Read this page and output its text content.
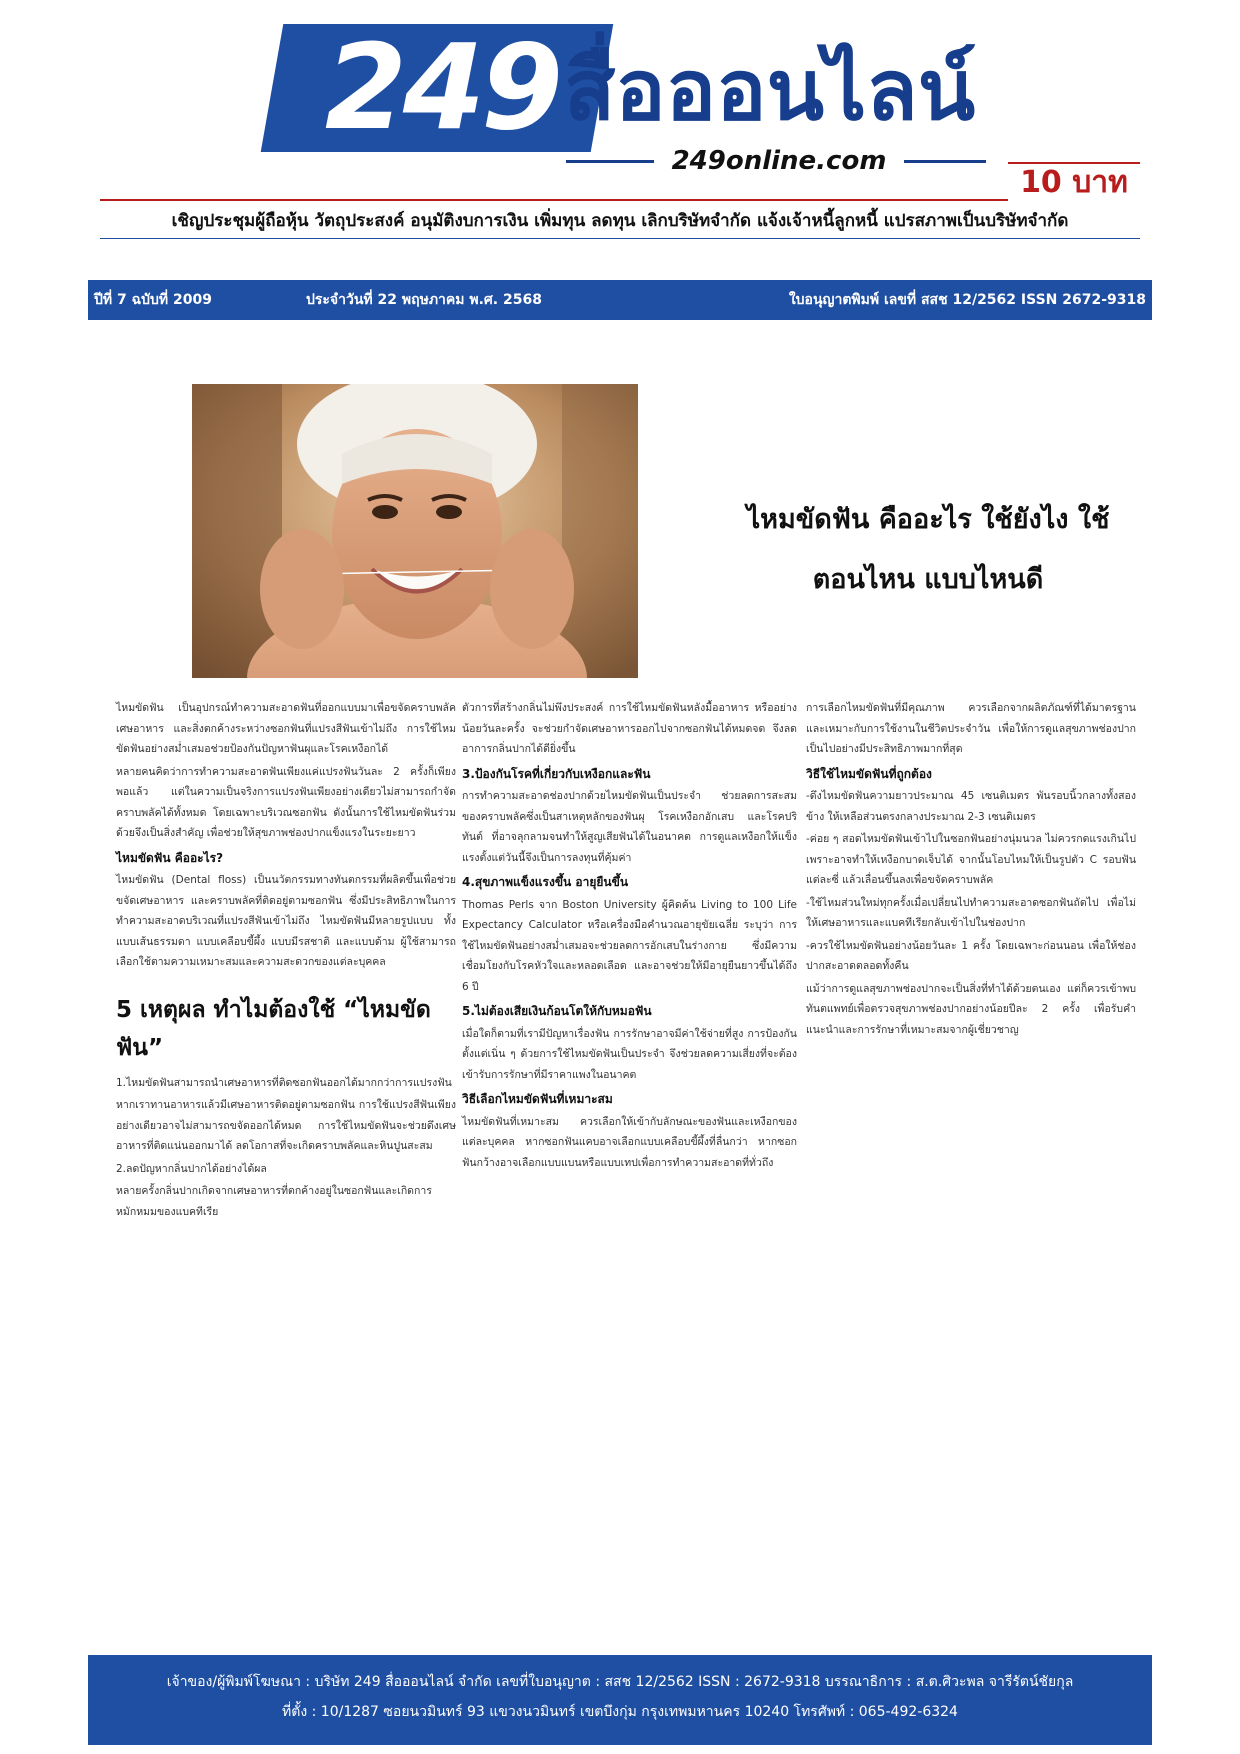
249 สื่อออนไลน์
249online.com
10 บาท
เชิญประชุมผู้ถือหุ้น วัตถุประสงค์ อนุมัติงบการเงิน เพิ่มทุน ลดทุน เลิกบริษัทจำกัด แจ้งเจ้าหนี้ลูกหนี้ แปรสภาพเป็นบริษัทจำกัด
ปีที่ 7 ฉบับที่ 2009	ประจำวันที่ 22 พฤษภาคม พ.ศ. 2568	ใบอนุญาตพิมพ์ เลขที่ สสช 12/2562 ISSN 2672-9318
ไหมขัดฟัน คืออะไร ใช้ยังไง ใช้
ตอนไหน แบบไหนดี

ไหมขัดฟัน เป็นอุปกรณ์ทำความสะอาดฟันที่ออกแบบมาเพื่อขจัดคราบพลัค เศษอาหาร และสิ่งตกค้างระหว่างซอกฟันที่แปรงสีฟันเข้าไม่ถึง การใช้ไหมขัดฟันอย่างสม่ำเสมอช่วยป้องกันปัญหาฟันผุและโรคเหงือกได้

หลายคนคิดว่าการทำความสะอาดฟันเพียงแค่แปรงฟันวันละ 2 ครั้งก็เพียงพอแล้ว แต่ในความเป็นจริงการแปรงฟันเพียงอย่างเดียวไม่สามารถกำจัดคราบพลัคได้ทั้งหมด โดยเฉพาะบริเวณซอกฟัน ดังนั้นการใช้ไหมขัดฟันร่วมด้วยจึงเป็นสิ่งสำคัญ เพื่อช่วยให้สุขภาพช่องปากแข็งแรงในระยะยาว

ไหมขัดฟัน คืออะไร?

ไหมขัดฟัน (Dental floss) เป็นนวัตกรรมทางทันตกรรมที่ผลิตขึ้นเพื่อช่วยขจัดเศษอาหาร และคราบพลัคที่ติดอยู่ตามซอกฟัน ซึ่งมีประสิทธิภาพในการทำความสะอาดบริเวณที่แปรงสีฟันเข้าไม่ถึง ไหมขัดฟันมีหลายรูปแบบ ทั้งแบบเส้นธรรมดา แบบเคลือบขี้ผึ้ง แบบมีรสชาติ และแบบด้าม ผู้ใช้สามารถเลือกใช้ตามความเหมาะสมและความสะดวกของแต่ละบุคคล

5 เหตุผล ทำไมต้องใช้ “ไหมขัดฟัน”

1.ไหมขัดฟันสามารถนำเศษอาหารที่ติดซอกฟันออกได้มากกว่าการแปรงฟัน

หากเราทานอาหารแล้วมีเศษอาหารติดอยู่ตามซอกฟัน การใช้แปรงสีฟันเพียงอย่างเดียวอาจไม่สามารถขจัดออกได้หมด การใช้ไหมขัดฟันจะช่วยดึงเศษอาหารที่ติดแน่นออกมาได้ ลดโอกาสที่จะเกิดคราบพลัคและหินปูนสะสม

2.ลดปัญหากลิ่นปากได้อย่างได้ผล

หลายครั้งกลิ่นปากเกิดจากเศษอาหารที่ตกค้างอยู่ในซอกฟันและเกิดการหมักหมมของแบคทีเรีย

ตัวการที่สร้างกลิ่นไม่พึงประสงค์ การใช้ไหมขัดฟันหลังมื้ออาหาร หรืออย่างน้อยวันละครั้ง จะช่วยกำจัดเศษอาหารออกไปจากซอกฟันได้หมดจด จึงลดอาการกลิ่นปากได้ดียิ่งขึ้น

3.ป้องกันโรคที่เกี่ยวกับเหงือกและฟัน

การทำความสะอาดช่องปากด้วยไหมขัดฟันเป็นประจำ ช่วยลดการสะสมของคราบพลัคซึ่งเป็นสาเหตุหลักของฟันผุ โรคเหงือกอักเสบ และโรคปริทันต์ ที่อาจลุกลามจนทำให้สูญเสียฟันได้ในอนาคต การดูแลเหงือกให้แข็งแรงตั้งแต่วันนี้จึงเป็นการลงทุนที่คุ้มค่า

4.สุขภาพแข็งแรงขึ้น อายุยืนขึ้น

Thomas Perls จาก Boston University ผู้คิดค้น Living to 100 Life Expectancy Calculator หรือเครื่องมือคำนวณอายุขัยเฉลี่ย ระบุว่า การใช้ไหมขัดฟันอย่างสม่ำเสมอจะช่วยลดการอักเสบในร่างกาย ซึ่งมีความเชื่อมโยงกับโรคหัวใจและหลอดเลือด และอาจช่วยให้มีอายุยืนยาวขึ้นได้ถึง 6 ปี

5.ไม่ต้องเสียเงินก้อนโตให้กับหมอฟัน

เมื่อใดก็ตามที่เรามีปัญหาเรื่องฟัน การรักษาอาจมีค่าใช้จ่ายที่สูง การป้องกันตั้งแต่เนิ่น ๆ ด้วยการใช้ไหมขัดฟันเป็นประจำ จึงช่วยลดความเสี่ยงที่จะต้องเข้ารับการรักษาที่มีราคาแพงในอนาคต

วิธีเลือกไหมขัดฟันที่เหมาะสม

ไหมขัดฟันที่เหมาะสม ควรเลือกให้เข้ากับลักษณะของฟันและเหงือกของแต่ละบุคคล หากซอกฟันแคบอาจเลือกแบบเคลือบขี้ผึ้งที่ลื่นกว่า หากซอกฟันกว้างอาจเลือกแบบแบนหรือแบบเทปเพื่อการทำความสะอาดที่ทั่วถึง

การเลือกไหมขัดฟันที่มีคุณภาพ ควรเลือกจากผลิตภัณฑ์ที่ได้มาตรฐาน และเหมาะกับการใช้งานในชีวิตประจำวัน เพื่อให้การดูแลสุขภาพช่องปากเป็นไปอย่างมีประสิทธิภาพมากที่สุด

วิธีใช้ไหมขัดฟันที่ถูกต้อง

-ดึงไหมขัดฟันความยาวประมาณ 45 เซนติเมตร พันรอบนิ้วกลางทั้งสองข้าง ให้เหลือส่วนตรงกลางประมาณ 2-3 เซนติเมตร

-ค่อย ๆ สอดไหมขัดฟันเข้าไปในซอกฟันอย่างนุ่มนวล ไม่ควรกดแรงเกินไป เพราะอาจทำให้เหงือกบาดเจ็บได้ จากนั้นโอบไหมให้เป็นรูปตัว C รอบฟันแต่ละซี่ แล้วเลื่อนขึ้นลงเพื่อขจัดคราบพลัค

-ใช้ไหมส่วนใหม่ทุกครั้งเมื่อเปลี่ยนไปทำความสะอาดซอกฟันถัดไป เพื่อไม่ให้เศษอาหารและแบคทีเรียกลับเข้าไปในช่องปาก

-ควรใช้ไหมขัดฟันอย่างน้อยวันละ 1 ครั้ง โดยเฉพาะก่อนนอน เพื่อให้ช่องปากสะอาดตลอดทั้งคืน

แม้ว่าการดูแลสุขภาพช่องปากจะเป็นสิ่งที่ทำได้ด้วยตนเอง แต่ก็ควรเข้าพบทันตแพทย์เพื่อตรวจสุขภาพช่องปากอย่างน้อยปีละ 2 ครั้ง เพื่อรับคำแนะนำและการรักษาที่เหมาะสมจากผู้เชี่ยวชาญ

เจ้าของ/ผู้พิมพ์โฆษณา : บริษัท 249 สื่อออนไลน์ จำกัด เลขที่ใบอนุญาต : สสช 12/2562 ISSN : 2672-9318 บรรณาธิการ : ส.ต.ศิวะพล จารีรัตน์ชัยกุล
ที่ตั้ง : 10/1287 ซอยนวมินทร์ 93 แขวงนวมินทร์ เขตบึงกุ่ม กรุงเทพมหานคร 10240 โทรศัพท์ : 065-492-6324
